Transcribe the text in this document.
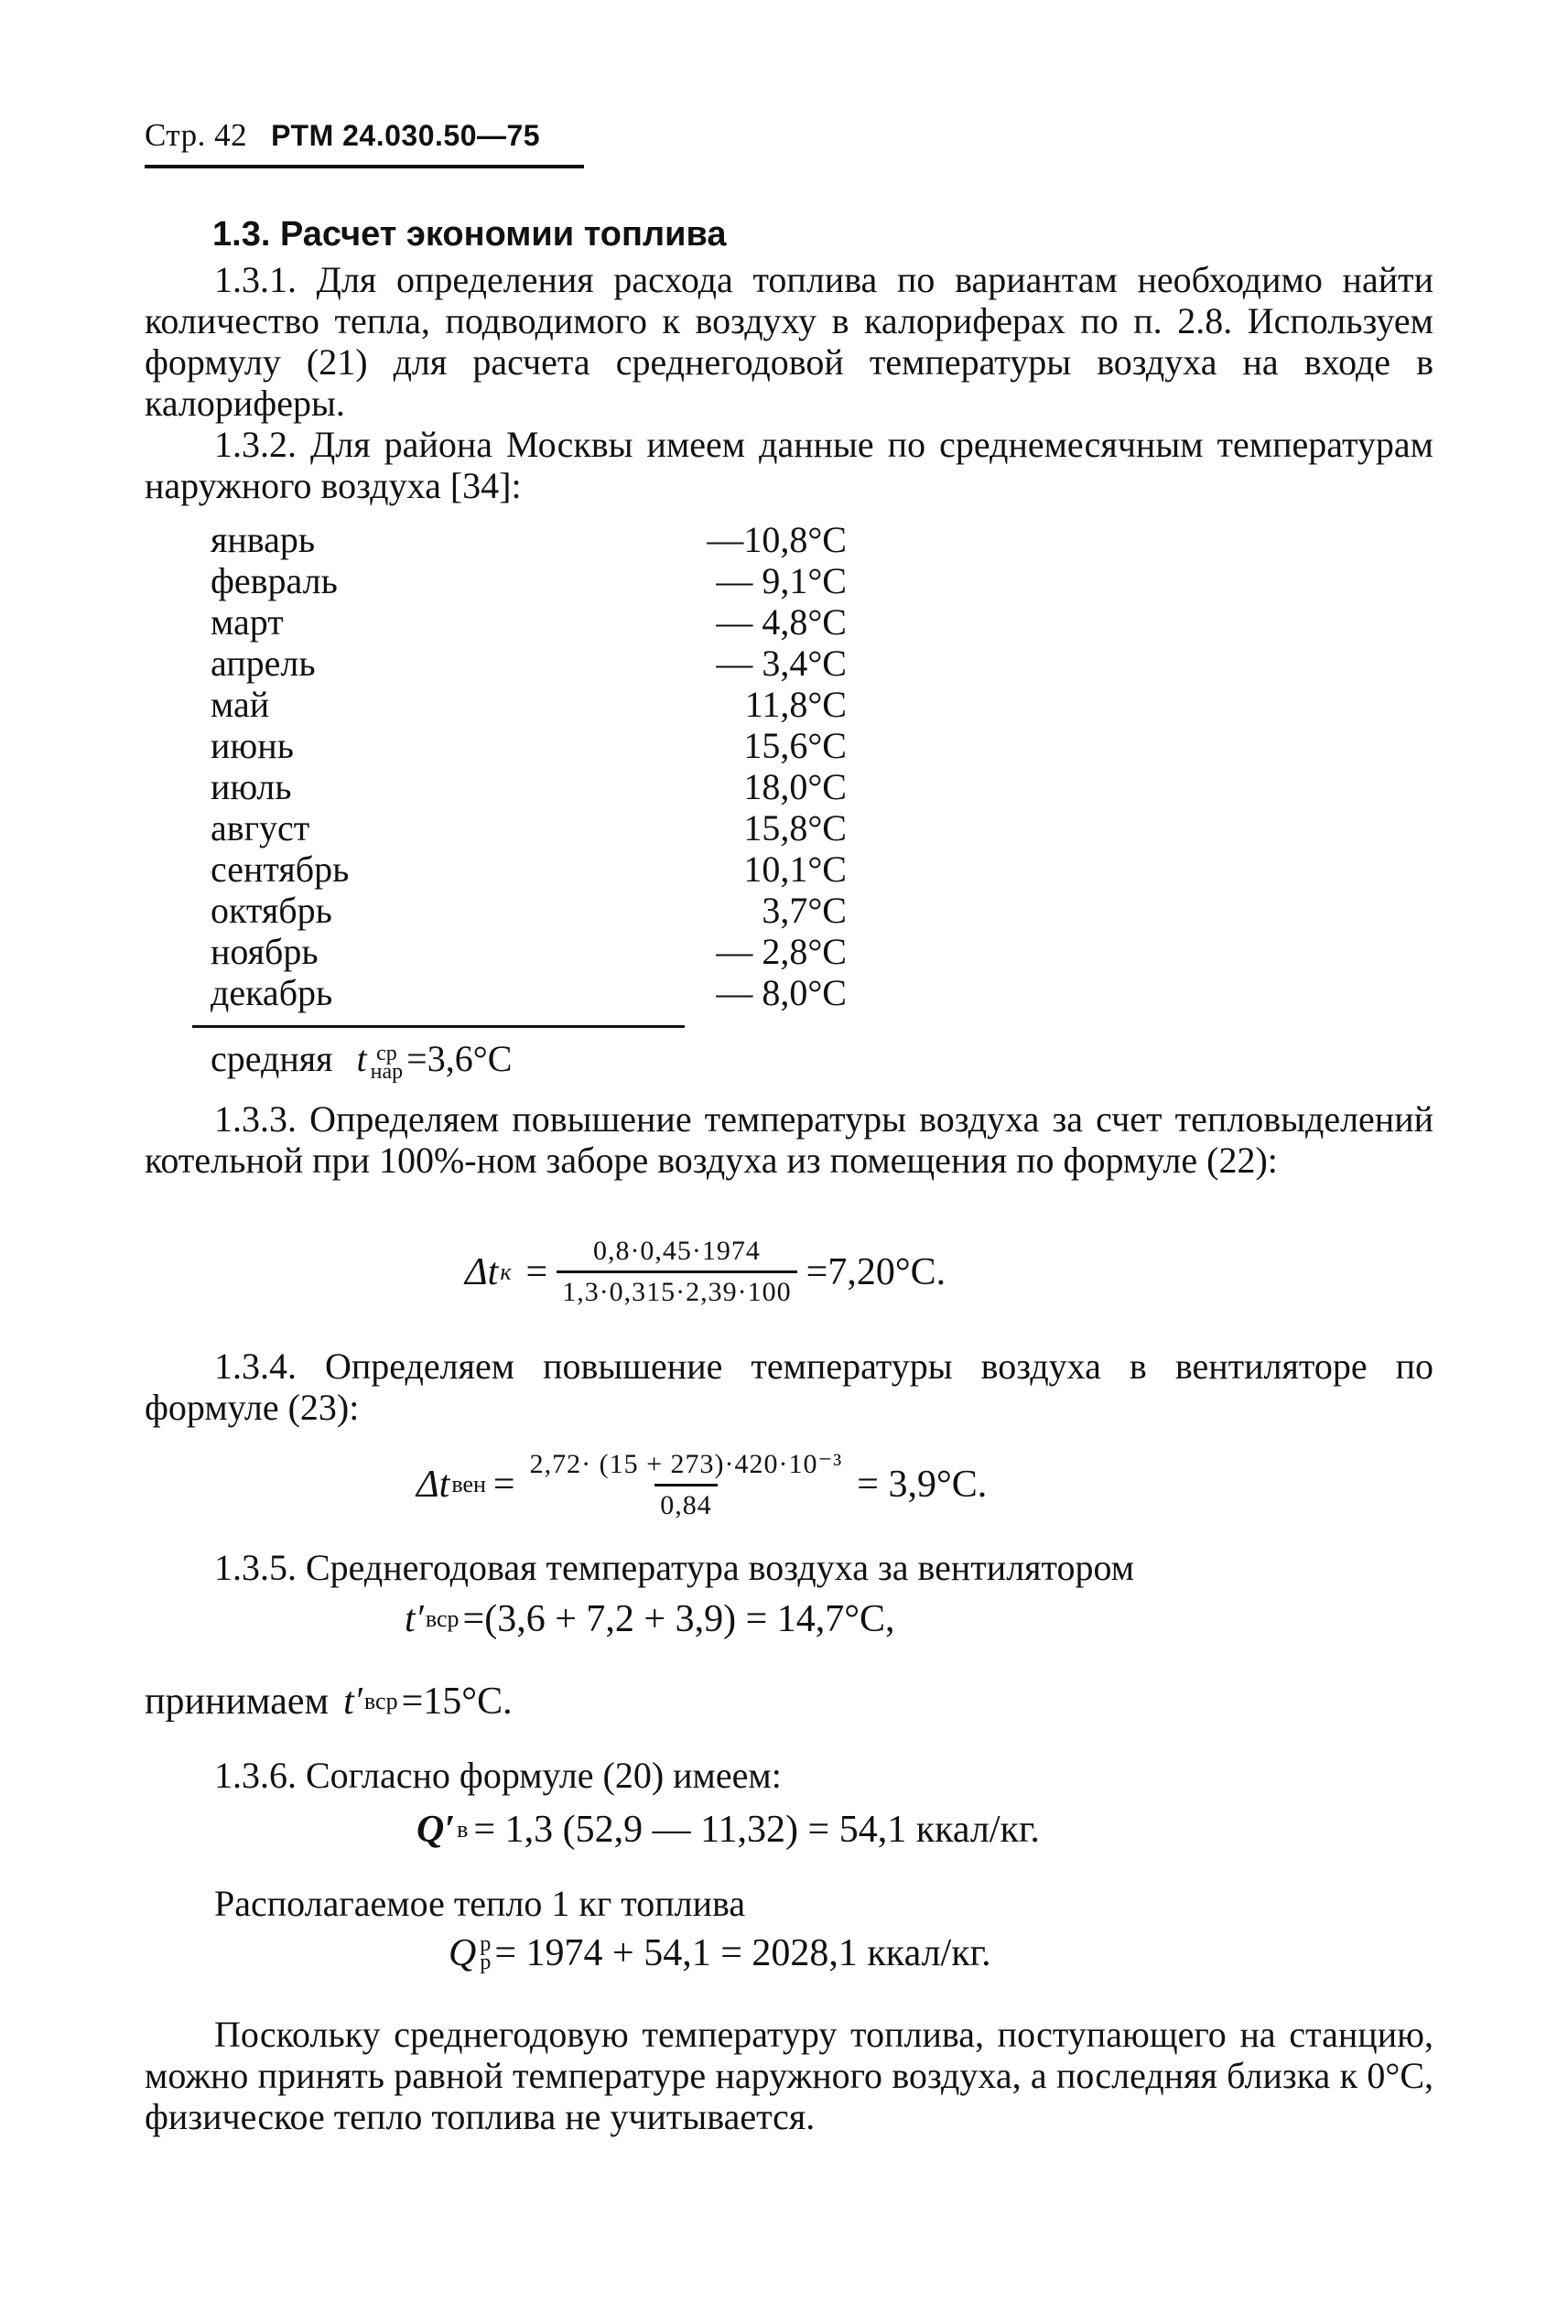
Стр. 42 РТМ 24.030.50—75
1.3. Расчет экономии топлива
1.3.1. Для определения расхода топлива по вариантам необходимо найти количество тепла, подводимого к воздуху в калориферах по п. 2.8. Используем формулу (21) для расчета среднегодовой температуры воздуха на входе в калориферы.
1.3.2. Для района Москвы имеем данные по среднемесячным температурам наружного воздуха [34]:
январь	—10,8°С
февраль	— 9,1°С
март	— 4,8°С
апрель	— 3,4°С
май	11,8°С
июнь	15,6°С
июль	18,0°С
август	15,8°С
сентябрь	10,1°С
октябрь	3,7°С
ноябрь	— 2,8°С
декабрь	— 8,0°С
средняя t ср
нар =3,6°С
1.3.3. Определяем повышение температуры воздуха за счет тепловыделений котельной при 100%-ном заборе воздуха из помещения по формуле (22):
Δt $к = \frac{0,8\cdot 0,45\cdot 1974}{1,3\cdot 0,315\cdot 2,39\cdot 100} =7,20^\circ С$.
1.3.4. Определяем повышение температуры воздуха в вентиляторе по формуле (23):
Δt вен = $\frac{\text{2,72· (15 + 273)·420·10⁻³}}{0,84} = 3,9^\circ С$.
1.3.5. Среднегодовая температура воздуха за вентилятором
t′ вср =(3,6 + 7,2 + 3,9) = 14,7°С,
принимаем t′ вср =15°С.
1.3.6. Согласно формуле (20) имеем:
Q′ в = 1,3 (52,9 — 11,32) = 54,1 ккал/кг.
Располагаемое тепло 1 кг топлива
Q р
р = 1974 + 54,1 = 2028,1 ккал/кг.
Поскольку среднегодовую температуру топлива, поступающего на станцию, можно принять равной температуре наружного воздуха, а последняя близка к 0°С, физическое тепло топлива не учитывается.
